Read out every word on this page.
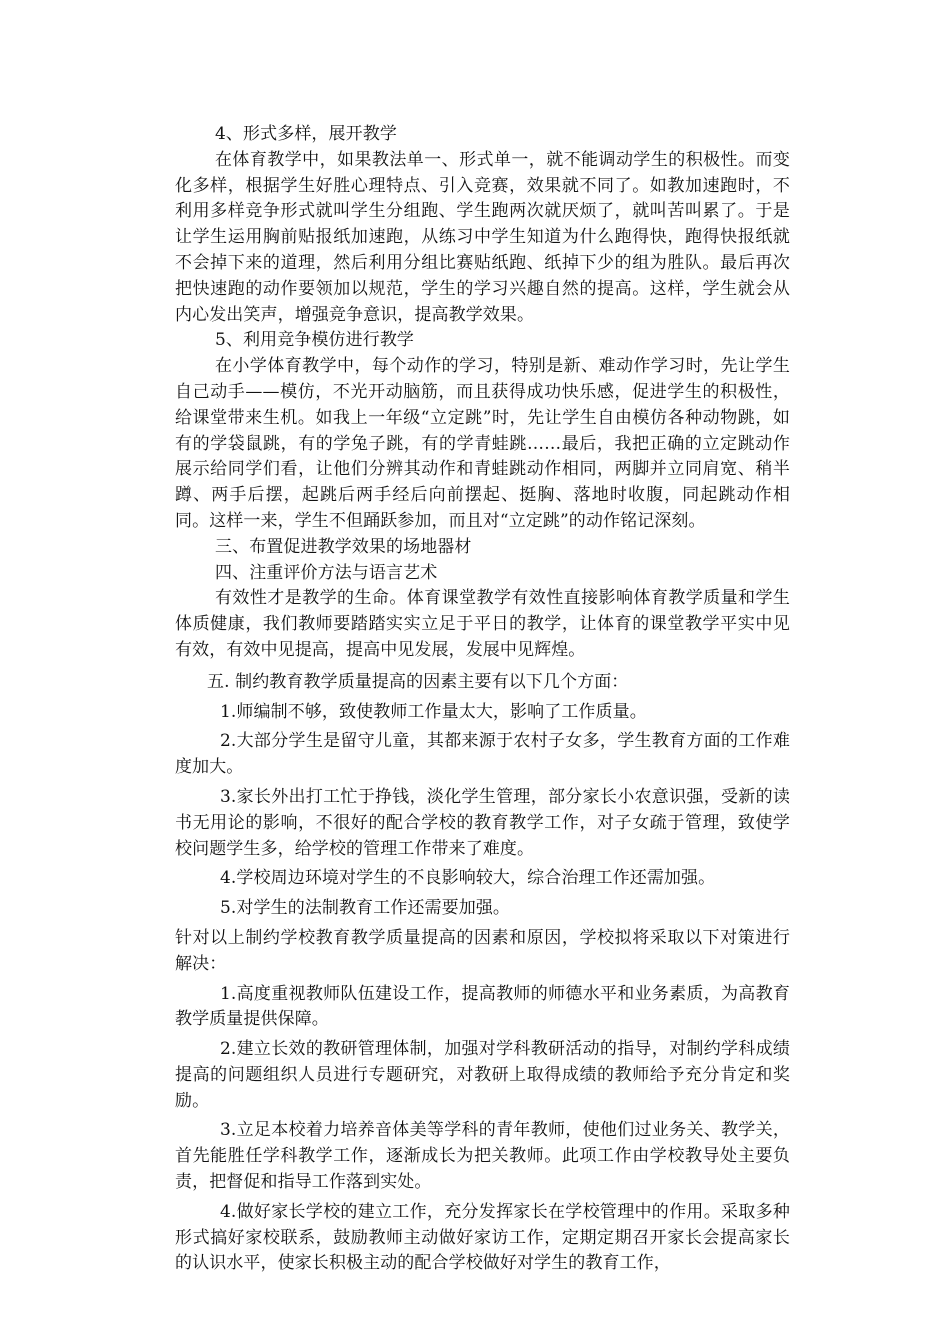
4、形式多样，展开教学

在体育教学中，如果教法单一、形式单一，就不能调动学生的积极性。而变化多样，根据学生好胜心理特点、引入竞赛，效果就不同了。如教加速跑时，不利用多样竞争形式就叫学生分组跑、学生跑两次就厌烦了，就叫苦叫累了。于是让学生运用胸前贴报纸加速跑，从练习中学生知道为什么跑得快，跑得快报纸就不会掉下来的道理，然后利用分组比赛贴纸跑、纸掉下少的组为胜队。最后再次把快速跑的动作要领加以规范，学生的学习兴趣自然的提高。这样，学生就会从内心发出笑声，增强竞争意识，提高教学效果。

5、利用竞争模仿进行教学

在小学体育教学中，每个动作的学习，特别是新、难动作学习时，先让学生自己动手——模仿，不光开动脑筋，而且获得成功快乐感，促进学生的积极性，给课堂带来生机。如我上一年级“立定跳”时，先让学生自由模仿各种动物跳，如有的学袋鼠跳，有的学兔子跳，有的学青蛙跳……最后，我把正确的立定跳动作展示给同学们看，让他们分辨其动作和青蛙跳动作相同，两脚并立同肩宽、稍半蹲、两手后摆，起跳后两手经后向前摆起、挺胸、落地时收腹，同起跳动作相同。这样一来，学生不但踊跃参加，而且对“立定跳”的动作铭记深刻。

三、布置促进教学效果的场地器材

四、注重评价方法与语言艺术

有效性才是教学的生命。体育课堂教学有效性直接影响体育教学质量和学生体质健康，我们教师要踏踏实实立足于平日的教学，让体育的课堂教学平实中见有效，有效中见提高，提高中见发展，发展中见辉煌。

五. 制约教育教学质量提高的因素主要有以下几个方面：

1.师编制不够，致使教师工作量太大，影响了工作质量。

2.大部分学生是留守儿童，其都来源于农村子女多，学生教育方面的工作难度加大。

3.家长外出打工忙于挣钱，淡化学生管理，部分家长小农意识强，受新的读书无用论的影响，不很好的配合学校的教育教学工作，对子女疏于管理，致使学校问题学生多，给学校的管理工作带来了难度。

4.学校周边环境对学生的不良影响较大，综合治理工作还需加强。

5.对学生的法制教育工作还需要加强。

针对以上制约学校教育教学质量提高的因素和原因，学校拟将采取以下对策进行解决：

1.高度重视教师队伍建设工作，提高教师的师德水平和业务素质，为高教育教学质量提供保障。

2.建立长效的教研管理体制，加强对学科教研活动的指导，对制约学科成绩提高的问题组织人员进行专题研究，对教研上取得成绩的教师给予充分肯定和奖励。

3.立足本校着力培养音体美等学科的青年教师，使他们过业务关、教学关，首先能胜任学科教学工作，逐渐成长为把关教师。此项工作由学校教导处主要负责，把督促和指导工作落到实处。

4.做好家长学校的建立工作，充分发挥家长在学校管理中的作用。采取多种形式搞好家校联系，鼓励教师主动做好家访工作，定期定期召开家长会提高家长的认识水平，使家长积极主动的配合学校做好对学生的教育工作，
